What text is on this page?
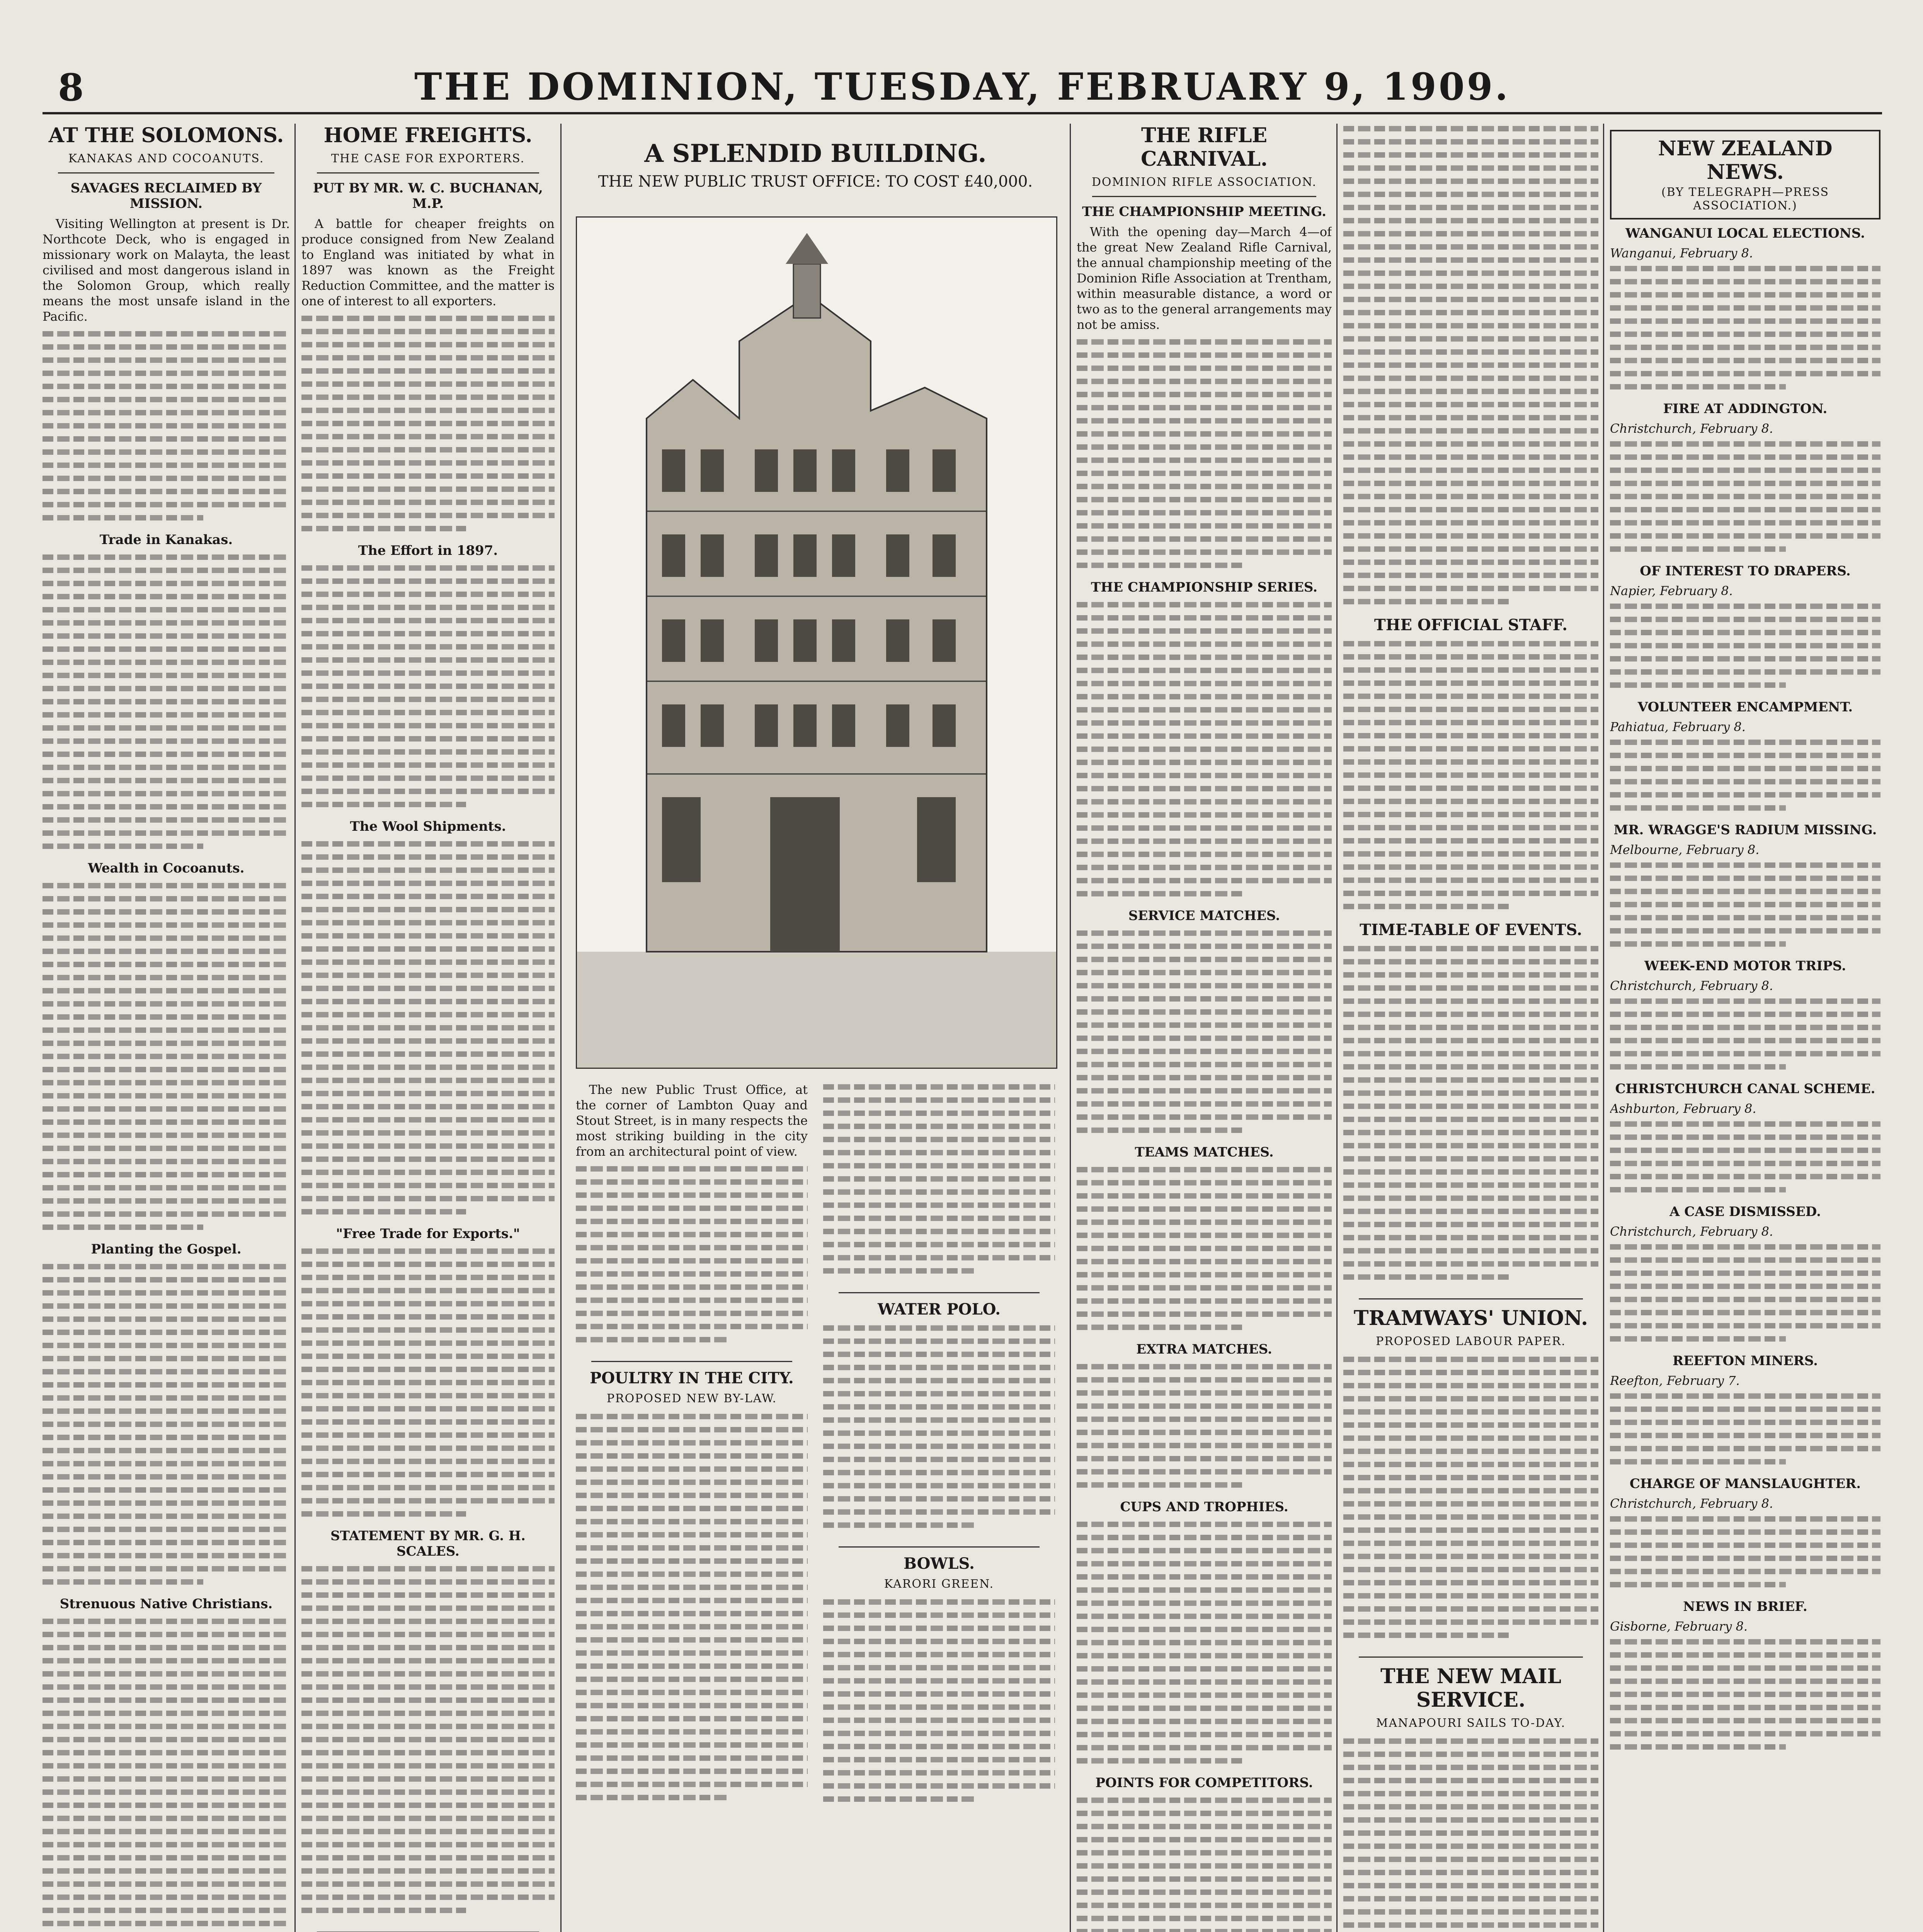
8	THE DOMINION, TUESDAY, FEBRUARY 9, 1909.
AT THE SOLOMONS.
KANAKAS AND COCOANUTS.
SAVAGES RECLAIMED BY MISSION.

Visiting Wellington at present is Dr. Northcote Deck, who is engaged in missionary work on Malayta, the least civilised and most dangerous island in the Solomon Group, which really means the most unsafe island in the Pacific.

Trade in Kanakas.
Wealth in Cocoanuts.
Planting the Gospel.
Strenuous Native Christians.
HOME FREIGHTS.
THE CASE FOR EXPORTERS.
PUT BY MR. W. C. BUCHANAN, M.P.

A battle for cheaper freights on produce consigned from New Zealand to England was initiated by what in 1897 was known as the Freight Reduction Committee, and the matter is one of interest to all exporters.

The Effort in 1897.
The Wool Shipments.
"Free Trade for Exports."
STATEMENT BY MR. G. H. SCALES.
A SPLENDID BUILDING.
THE NEW PUBLIC TRUST OFFICE: TO COST £40,000.

The new Public Trust Office, at the corner of Lambton Quay and Stout Street, is in many respects the most striking building in the city from an architectural point of view.

POULTRY IN THE CITY.
PROPOSED NEW BY-LAW.
WATER POLO.
BOWLS.
KARORI GREEN.
THE RIFLE CARNIVAL.
DOMINION RIFLE ASSOCIATION.
THE CHAMPIONSHIP MEETING.

With the opening day—March 4—of the great New Zealand Rifle Carnival, the annual championship meeting of the Dominion Rifle Association at Trentham, within measurable distance, a word or two as to the general arrangements may not be amiss.

THE CHAMPIONSHIP SERIES.
SERVICE MATCHES.
TEAMS MATCHES.
EXTRA MATCHES.
CUPS AND TROPHIES.
POINTS FOR COMPETITORS.
THE OFFICIAL STAFF.
TIME-TABLE OF EVENTS.
TRAMWAYS' UNION.
PROPOSED LABOUR PAPER.
THE NEW MAIL SERVICE.
MANAPOURI SAILS TO-DAY.
NEW ZEALAND NEWS.
(BY TELEGRAPH—PRESS ASSOCIATION.)
WANGANUI LOCAL ELECTIONS.
Wanganui, February 8.
FIRE AT ADDINGTON.
Christchurch, February 8.
OF INTEREST TO DRAPERS.
Napier, February 8.
VOLUNTEER ENCAMPMENT.
Pahiatua, February 8.
MR. WRAGGE'S RADIUM MISSING.
Melbourne, February 8.
WEEK-END MOTOR TRIPS.
Christchurch, February 8.
CHRISTCHURCH CANAL SCHEME.
Ashburton, February 8.
A CASE DISMISSED.
Christchurch, February 8.
REEFTON MINERS.
Reefton, February 7.
CHARGE OF MANSLAUGHTER.
Christchurch, February 8.
NEWS IN BRIEF.
Gisborne, February 8.
